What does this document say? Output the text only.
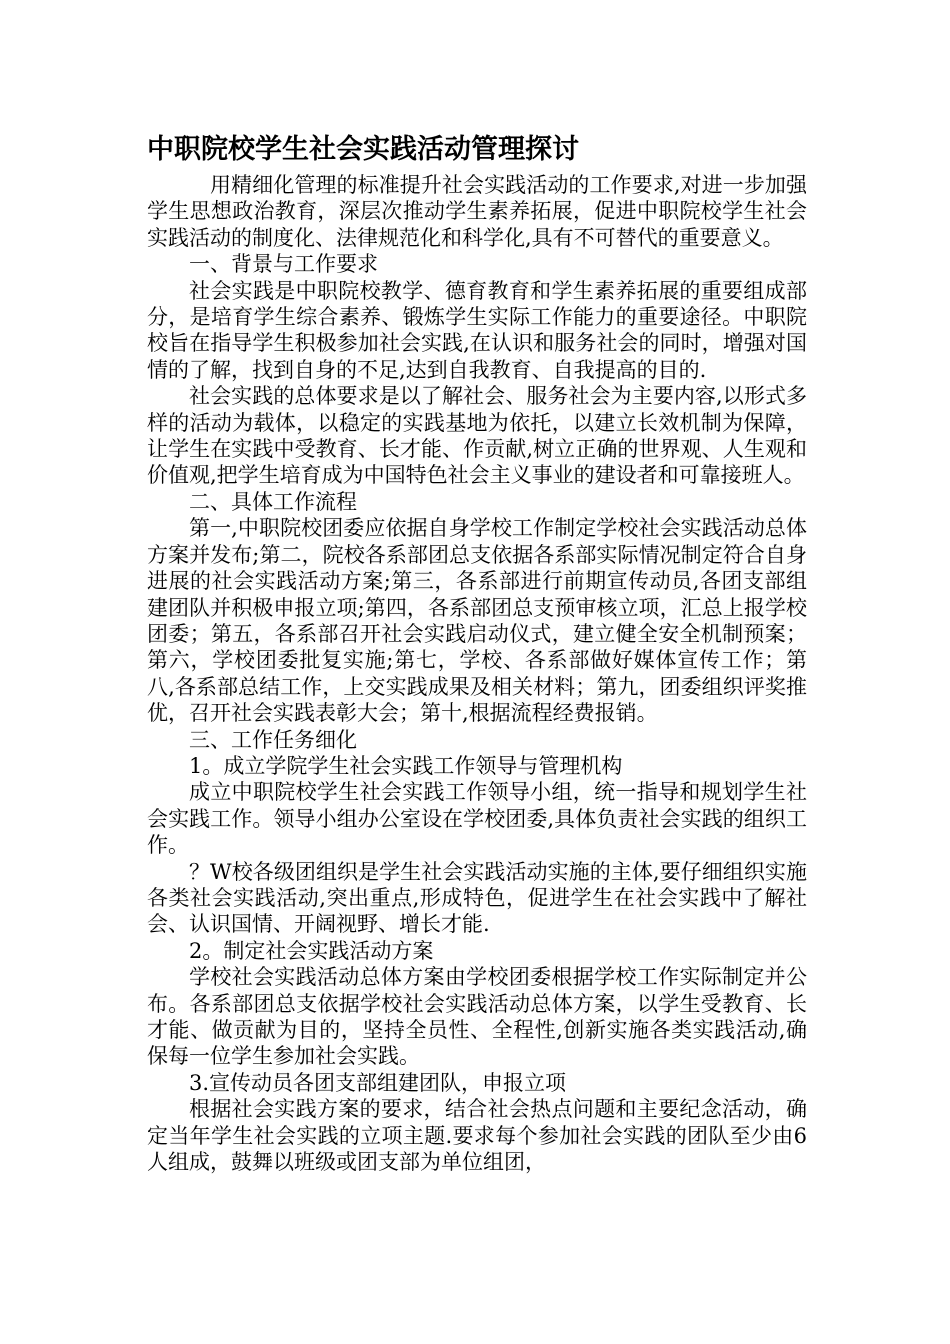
中职院校学生社会实践活动管理探讨

用精细化管理的标准提升社会实践活动的工作要求,对进一步加强学生思想政治教育，深层次推动学生素养拓展，促进中职院校学生社会实践活动的制度化、法律规范化和科学化,具有不可替代的重要意义。

一、背景与工作要求

社会实践是中职院校教学、德育教育和学生素养拓展的重要组成部分，是培育学生综合素养、锻炼学生实际工作能力的重要途径。中职院校旨在指导学生积极参加社会实践,在认识和服务社会的同时，增强对国情的了解，找到自身的不足,达到自我教育、自我提高的目的.

社会实践的总体要求是以了解社会、服务社会为主要内容,以形式多样的活动为载体，以稳定的实践基地为依托，以建立长效机制为保障，让学生在实践中受教育、长才能、作贡献,树立正确的世界观、人生观和价值观,把学生培育成为中国特色社会主义事业的建设者和可靠接班人。

二、具体工作流程

第一,中职院校团委应依据自身学校工作制定学校社会实践活动总体方案并发布;第二，院校各系部团总支依据各系部实际情况制定符合自身进展的社会实践活动方案;第三，各系部进行前期宣传动员,各团支部组建团队并积极申报立项;第四，各系部团总支预审核立项，汇总上报学校团委；第五，各系部召开社会实践启动仪式，建立健全安全机制预案；第六，学校团委批复实施;第七，学校、各系部做好媒体宣传工作；第八,各系部总结工作，上交实践成果及相关材料；第九，团委组织评奖推优，召开社会实践表彰大会；第十,根据流程经费报销。

三、工作任务细化

1。成立学院学生社会实践工作领导与管理机构

成立中职院校学生社会实践工作领导小组，统一指导和规划学生社会实践工作。领导小组办公室设在学校团委,具体负责社会实践的组织工作。

？W校各级团组织是学生社会实践活动实施的主体,要仔细组织实施各类社会实践活动,突出重点,形成特色，促进学生在社会实践中了解社会、认识国情、开阔视野、增长才能.

2。制定社会实践活动方案

学校社会实践活动总体方案由学校团委根据学校工作实际制定并公布。各系部团总支依据学校社会实践活动总体方案，以学生受教育、长才能、做贡献为目的，坚持全员性、全程性,创新实施各类实践活动,确保每一位学生参加社会实践。

3.宣传动员各团支部组建团队，申报立项

根据社会实践方案的要求，结合社会热点问题和主要纪念活动，确定当年学生社会实践的立项主题.要求每个参加社会实践的团队至少由6人组成，鼓舞以班级或团支部为单位组团，
